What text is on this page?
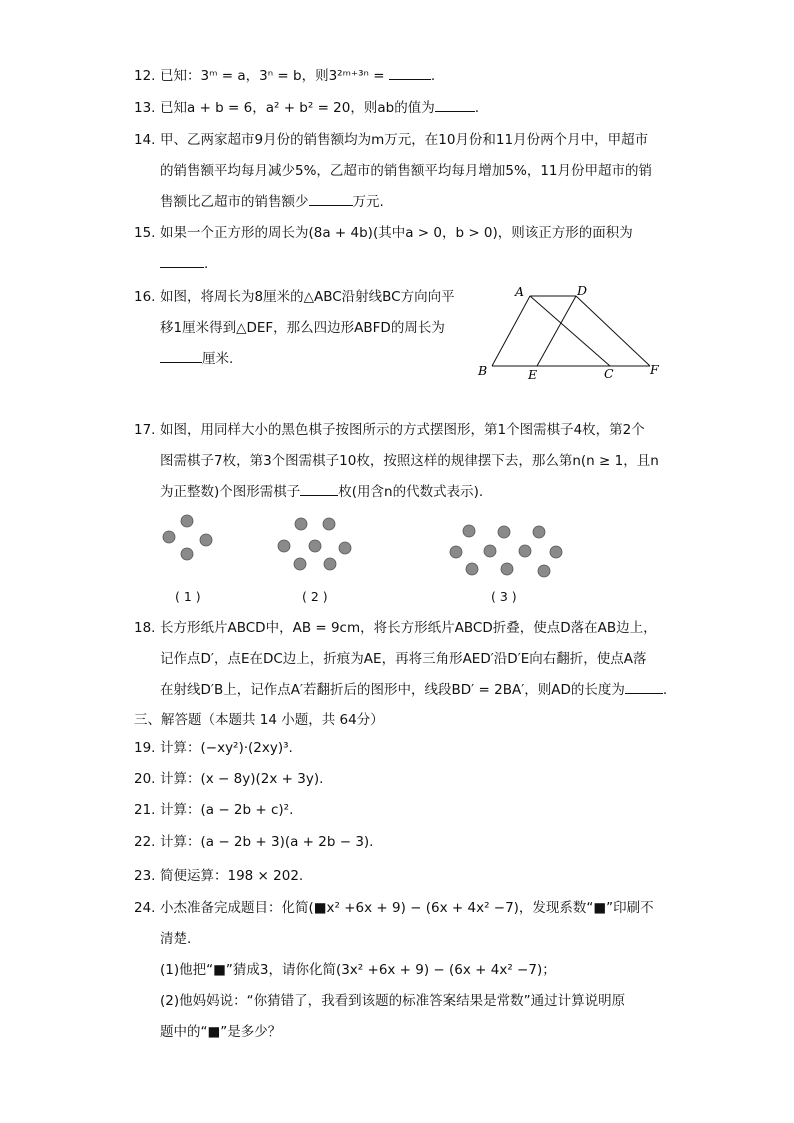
12. 已知：3ᵐ = a，3ⁿ = b，则3²ᵐ⁺³ⁿ =	.
13. 已知a + b = 6，a² + b² = 20，则ab的值为	.
14. 甲、乙两家超市9月份的销售额均为m万元，在10月份和11月份两个月中，甲超市
的销售额平均每月减少5%，乙超市的销售额平均每月增加5%，11月份甲超市的销
售额比乙超市的销售额少	万元.
15. 如果一个正方形的周长为(8a + 4b)(其中a > 0，b > 0)，则该正方形的面积为
.
16. 如图，将周长为8厘米的△ABC沿射线BC方向向平
移1厘米得到△DEF，那么四边形ABFD的周长为
厘米.
A	D
B	E	C	F
17. 如图，用同样大小的黑色棋子按图所示的方式摆图形，第1个图需棋子4枚，第2个
图需棋子7枚，第3个图需棋子10枚，按照这样的规律摆下去，那么第n(n ≥ 1，且n
为正整数)个图形需棋子	枚(用含n的代数式表示).
( 1 )	( 2 )	( 3 )
18. 长方形纸片ABCD中，AB = 9cm，将长方形纸片ABCD折叠，使点D落在AB边上，
记作点D′，点E在DC边上，折痕为AE，再将三角形AED′沿D′E向右翻折，使点A落
在射线D′B上，记作点A′若翻折后的图形中，线段BD′ = 2BA′，则AD的长度为	.
三、解答题（本题共 14 小题，共 64分）
19. 计算：(−xy²)·(2xy)³.
20. 计算：(x − 8y)(2x + 3y).
21. 计算：(a − 2b + c)².
22. 计算：(a − 2b + 3)(a + 2b − 3).
23. 简便运算：198 × 202.
24. 小杰准备完成题目：化简(■x² +6x + 9) − (6x + 4x² −7)，发现系数“■”印刷不
清楚.
(1)他把“■”猜成3，请你化简(3x² +6x + 9) − (6x + 4x² −7)；
(2)他妈妈说：“你猜错了，我看到该题的标准答案结果是常数”通过计算说明原
题中的“■”是多少？
